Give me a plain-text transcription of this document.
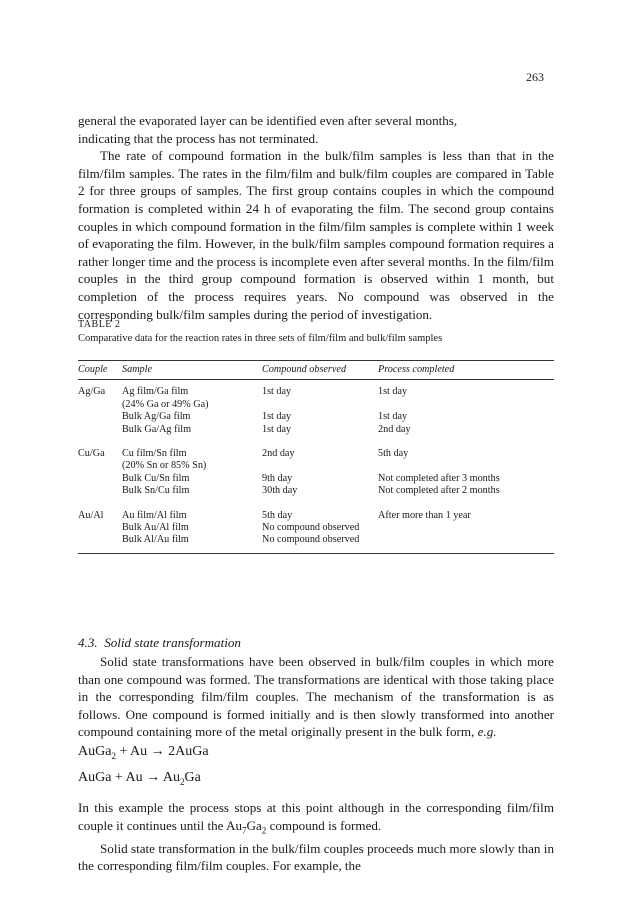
263

general the evaporated layer can be identified even after several months,

indicating that the process has not terminated.

The rate of compound formation in the bulk/film samples is less than that in the film/film samples. The rates in the film/film and bulk/film couples are compared in Table 2 for three groups of samples. The first group contains couples in which the compound formation is completed within 24 h of evaporating the film. The second group contains couples in which compound formation in the film/film samples is complete within 1 week of evaporating the film. However, in the bulk/film samples compound formation requires a rather longer time and the process is incomplete even after several months. In the film/film couples in the third group compound formation is observed within 1 month, but completion of the process requires years. No compound was observed in the corresponding bulk/film samples during the period of investigation.

TABLE 2
Comparative data for the reaction rates in three sets of film/film and bulk/film samples
Couple	Sample	Compound observed	Process completed
Ag/Ga	Ag film/Ga film	1st day	1st day
	(24% Ga or 49% Ga)		
	Bulk Ag/Ga film	1st day	1st day
	Bulk Ga/Ag film	1st day	2nd day

Cu/Ga	Cu film/Sn film	2nd day	5th day
	(20% Sn or 85% Sn)		
	Bulk Cu/Sn film	9th day	Not completed after 3 months
	Bulk Sn/Cu film	30th day	Not completed after 2 months

Au/Al	Au film/Al film	5th day	After more than 1 year
	Bulk Au/Al film	No compound observed	
	Bulk Al/Au film	No compound observed	
4.3. Solid state transformation

Solid state transformations have been observed in bulk/film couples in which more than one compound was formed. The transformations are identical with those taking place in the corresponding film/film couples. The mechanism of the transformation is as follows. One compound is formed initially and is then slowly transformed into another compound containing more of the metal originally present in the bulk form, e.g.

AuGa$_2$ + Au → 2AuGa
AuGa + $Au \to Au_2Ga$

In this example the process stops at this point although in the corresponding film/film couple it continues until the $Au_7Ga_2$ compound is formed.

Solid state transformation in the bulk/film couples proceeds much more slowly than in the corresponding film/film couples. For example, the
